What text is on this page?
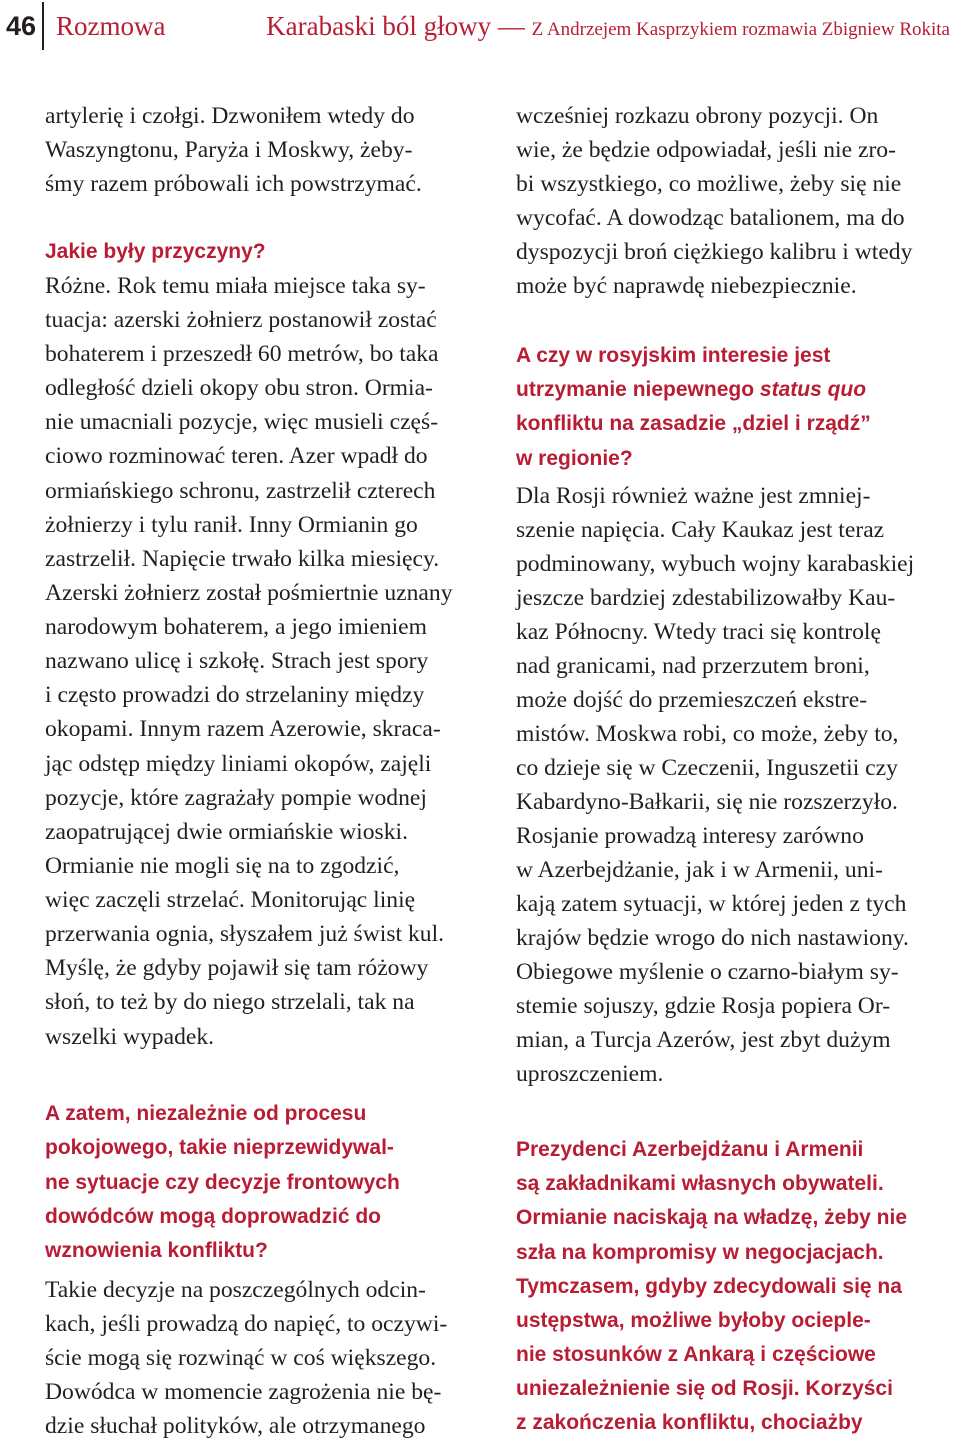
46 Rozmowa	Karabaski ból głowy — Z Andrzejem Kasprzykiem rozmawia Zbigniew Rokita
artylerię i czołgi. Dzwoniłem wtedy do
Waszyngtonu, Paryża i Moskwy, żeby-
śmy razem próbowali ich powstrzymać.
Jakie były przyczyny?
Różne. Rok temu miała miejsce taka sy-
tuacja: azerski żołnierz postanowił zostać
bohaterem i przeszedł 60 metrów, bo taka
odległość dzieli okopy obu stron. Ormia-
nie umacniali pozycje, więc musieli częś-
ciowo rozminować teren. Azer wpadł do
ormiańskiego schronu, zastrzelił czterech
żołnierzy i tylu ranił. Inny Ormianin go
zastrzelił. Napięcie trwało kilka miesięcy.
Azerski żołnierz został pośmiertnie uznany
narodowym bohaterem, a jego imieniem
nazwano ulicę i szkołę. Strach jest spory
i często prowadzi do strzelaniny między
okopami. Innym razem Azerowie, skraca-
jąc odstęp między liniami okopów, zajęli
pozycje, które zagrażały pompie wodnej
zaopatrującej dwie ormiańskie wioski.
Ormianie nie mogli się na to zgodzić,
więc zaczęli strzelać. Monitorując linię
przerwania ognia, słyszałem już świst kul.
Myślę, że gdyby pojawił się tam różowy
słoń, to też by do niego strzelali, tak na
wszelki wypadek.
A zatem, niezależnie od procesu
pokojowego, takie nieprzewidywal-
ne sytuacje czy decyzje frontowych
dowódców mogą doprowadzić do
wznowienia konfliktu?
Takie decyzje na poszczególnych odcin-
kach, jeśli prowadzą do napięć, to oczywi-
ście mogą się rozwinąć w coś większego.
Dowódca w momencie zagrożenia nie bę-
dzie słuchał polityków, ale otrzymanego
wcześniej rozkazu obrony pozycji. On
wie, że będzie odpowiadał, jeśli nie zro-
bi wszystkiego, co możliwe, żeby się nie
wycofać. A dowodząc batalionem, ma do
dyspozycji broń ciężkiego kalibru i wtedy
może być naprawdę niebezpiecznie.
A czy w rosyjskim interesie jest
utrzymanie niepewnego status quo
konfliktu na zasadzie „dziel i rządź”
w regionie?
Dla Rosji również ważne jest zmniej-
szenie napięcia. Cały Kaukaz jest teraz
podminowany, wybuch wojny karabaskiej
jeszcze bardziej zdestabilizowałby Kau-
kaz Północny. Wtedy traci się kontrolę
nad granicami, nad przerzutem broni,
może dojść do przemieszczeń ekstre-
mistów. Moskwa robi, co może, żeby to,
co dzieje się w Czeczenii, Inguszetii czy
Kabardyno-Bałkarii, się nie rozszerzyło.
Rosjanie prowadzą interesy zarówno
w Azerbejdżanie, jak i w Armenii, uni-
kają zatem sytuacji, w której jeden z tych
krajów będzie wrogo do nich nastawiony.
Obiegowe myślenie o czarno-białym sy-
stemie sojuszy, gdzie Rosja popiera Or-
mian, a Turcja Azerów, jest zbyt dużym
uproszczeniem.
Prezydenci Azerbejdżanu i Armenii
są zakładnikami własnych obywateli.
Ormianie naciskają na władzę, żeby nie
szła na kompromisy w negocjacjach.
Tymczasem, gdyby zdecydowali się na
ustępstwa, możliwe byłoby ocieple-
nie stosunków z Ankarą i częściowe
uniezależnienie się od Rosji. Korzyści
z zakończenia konfliktu, chociażby
